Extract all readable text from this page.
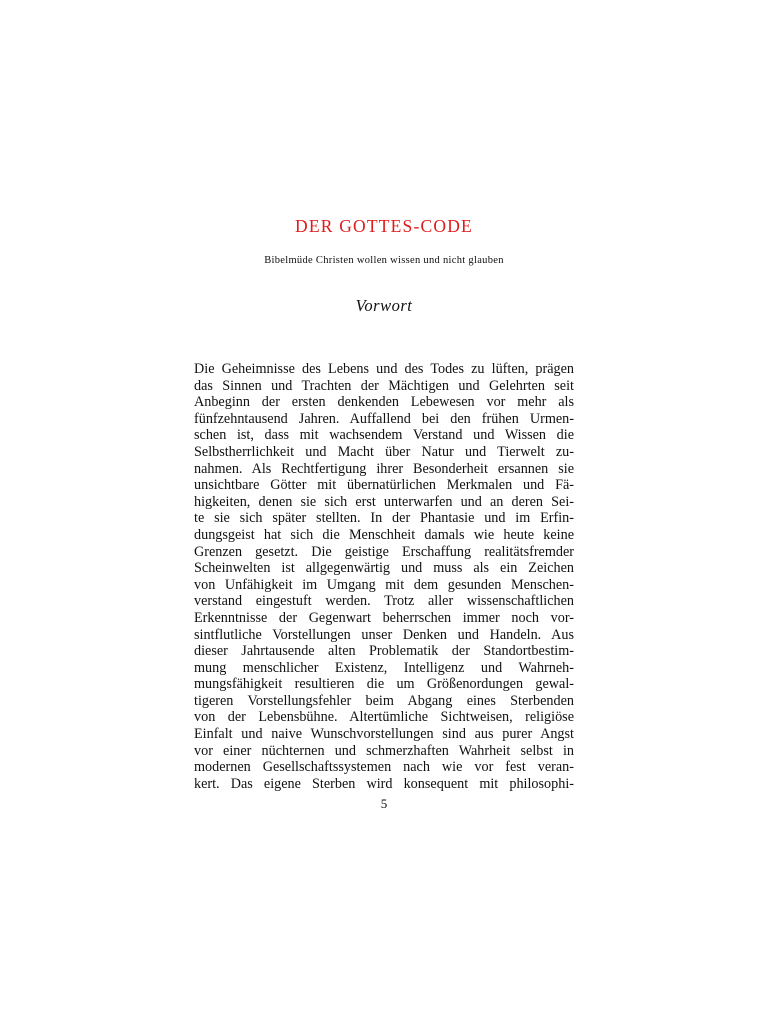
DER GOTTES-CODE
Bibelmüde Christen wollen wissen und nicht glauben
Vorwort
Die Geheimnisse des Lebens und des Todes zu lüften, prägen
das Sinnen und Trachten der Mächtigen und Gelehrten seit
Anbeginn der ersten denkenden Lebewesen vor mehr als
fünfzehntausend Jahren. Auffallend bei den frühen Urmen-
schen ist, dass mit wachsendem Verstand und Wissen die
Selbstherrlichkeit und Macht über Natur und Tierwelt zu-
nahmen. Als Rechtfertigung ihrer Besonderheit ersannen sie
unsichtbare Götter mit übernatürlichen Merkmalen und Fä-
higkeiten, denen sie sich erst unterwarfen und an deren Sei-
te sie sich später stellten. In der Phantasie und im Erfin-
dungsgeist hat sich die Menschheit damals wie heute keine
Grenzen gesetzt. Die geistige Erschaffung realitätsfremder
Scheinwelten ist allgegenwärtig und muss als ein Zeichen
von Unfähigkeit im Umgang mit dem gesunden Menschen-
verstand eingestuft werden. Trotz aller wissenschaftlichen
Erkenntnisse der Gegenwart beherrschen immer noch vor-
sintflutliche Vorstellungen unser Denken und Handeln. Aus
dieser Jahrtausende alten Problematik der Standortbestim-
mung menschlicher Existenz, Intelligenz und Wahrneh-
mungsfähigkeit resultieren die um Größenordungen gewal-
tigeren Vorstellungsfehler beim Abgang eines Sterbenden
von der Lebensbühne. Altertümliche Sichtweisen, religiöse
Einfalt und naive Wunschvorstellungen sind aus purer Angst
vor einer nüchternen und schmerzhaften Wahrheit selbst in
modernen Gesellschaftssystemen nach wie vor fest veran-
kert. Das eigene Sterben wird konsequent mit philosophi-
5
